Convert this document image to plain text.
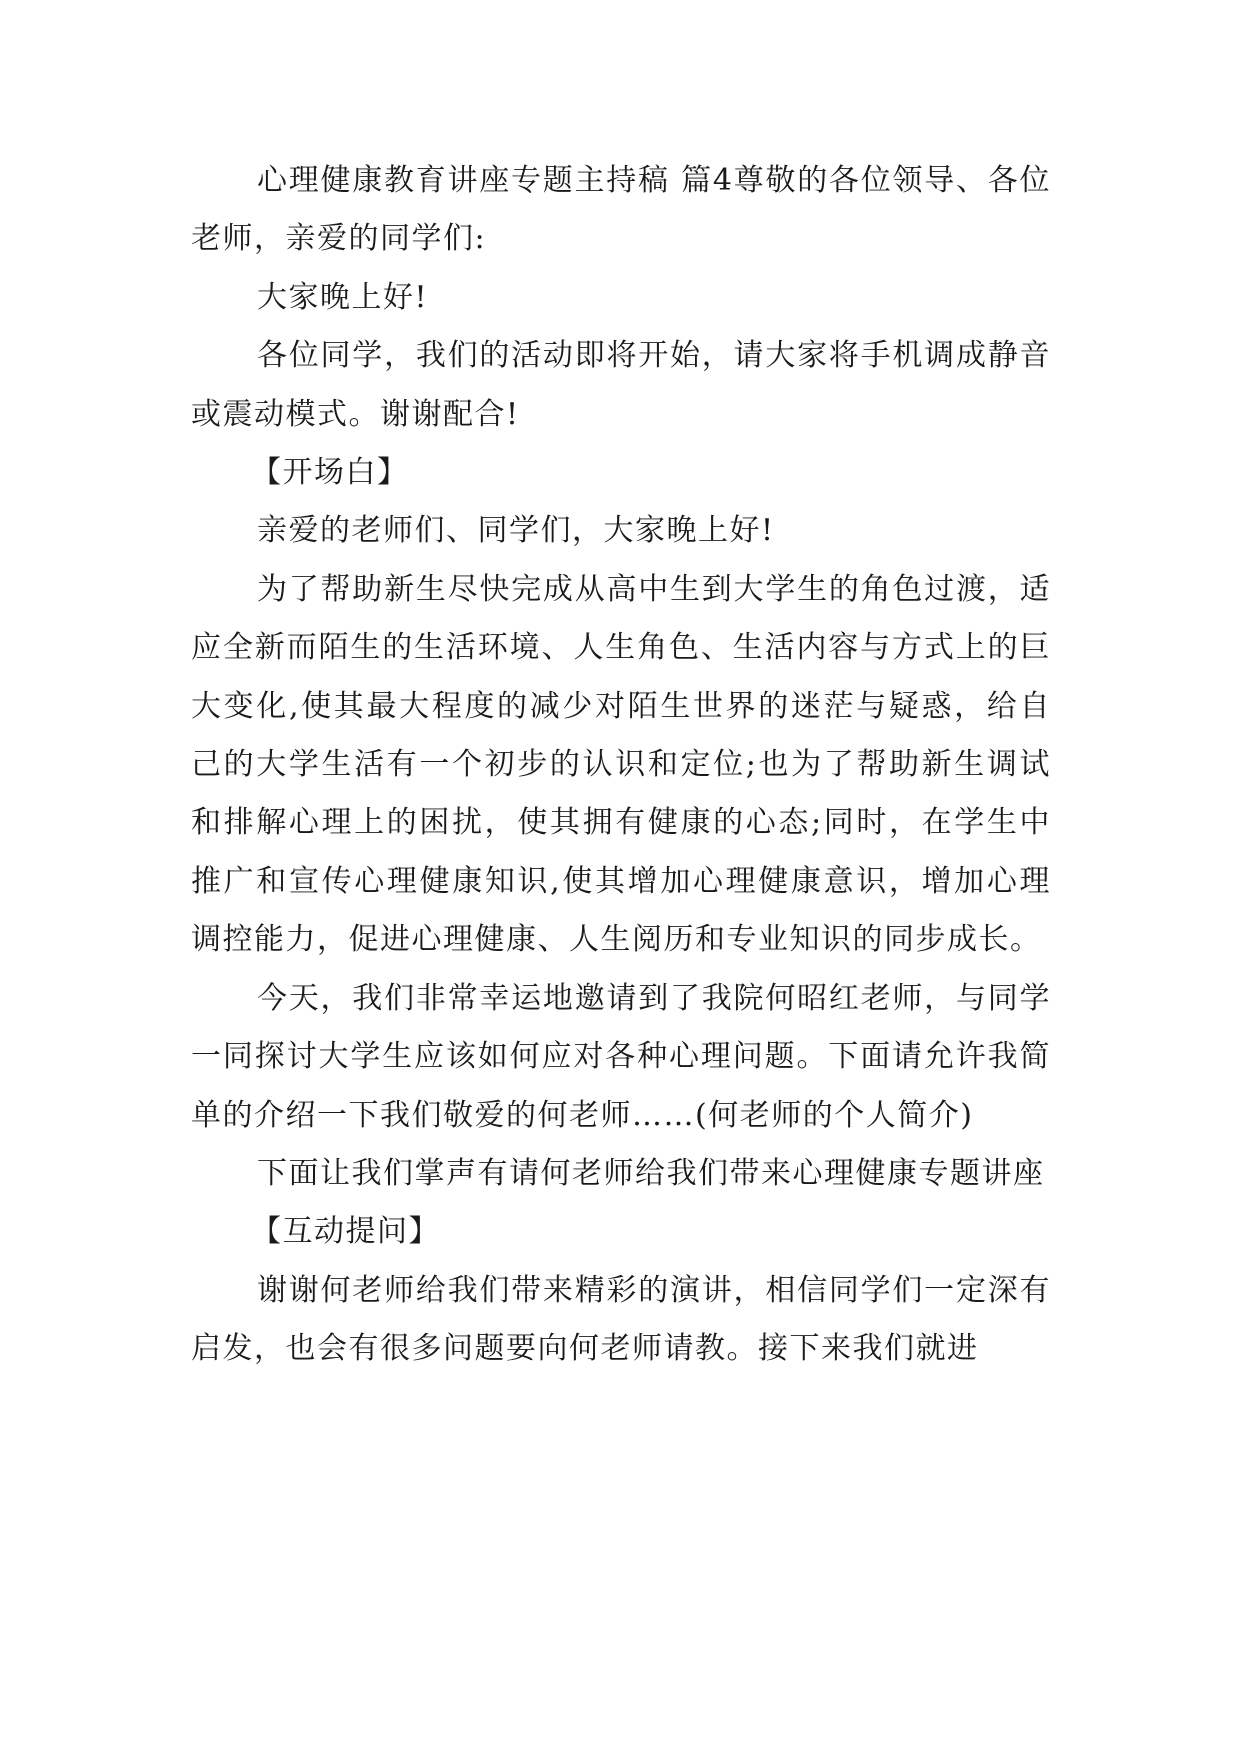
心理健康教育讲座专题主持稿 篇4尊敬的各位领导、各位老师，亲爱的同学们:

大家晚上好!

各位同学，我们的活动即将开始，请大家将手机调成静音或震动模式。谢谢配合!

【开场白】

亲爱的老师们、同学们，大家晚上好!

为了帮助新生尽快完成从高中生到大学生的角色过渡，适应全新而陌生的生活环境、人生角色、生活内容与方式上的巨大变化,使其最大程度的减少对陌生世界的迷茫与疑惑，给自己的大学生活有一个初步的认识和定位;也为了帮助新生调试和排解心理上的困扰，使其拥有健康的心态;同时，在学生中推广和宣传心理健康知识,使其增加心理健康意识，增加心理调控能力，促进心理健康、人生阅历和专业知识的同步成长。

今天，我们非常幸运地邀请到了我院何昭红老师，与同学一同探讨大学生应该如何应对各种心理问题。下面请允许我简单的介绍一下我们敬爱的何老师……(何老师的个人简介)

下面让我们掌声有请何老师给我们带来心理健康专题讲座

【互动提问】

谢谢何老师给我们带来精彩的演讲，相信同学们一定深有启发，也会有很多问题要向何老师请教。接下来我们就进
